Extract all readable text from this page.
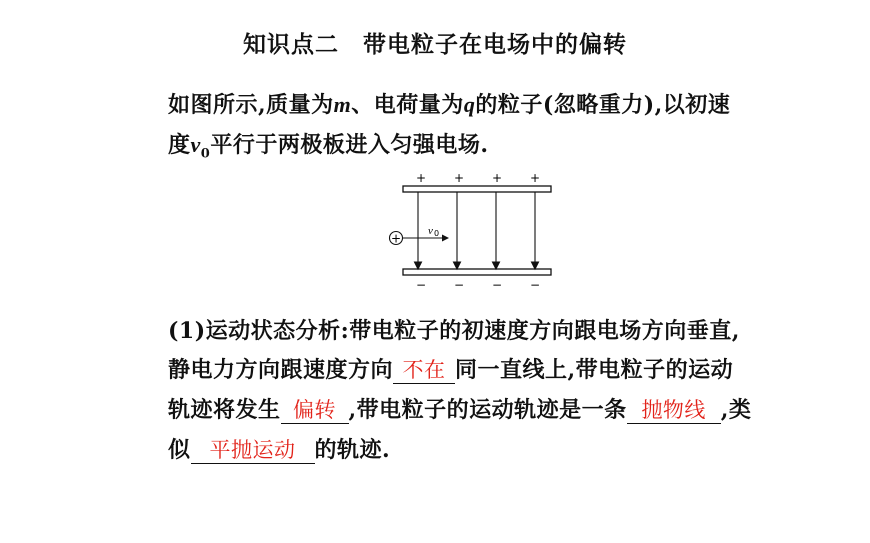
知识点二 带电粒子在电场中的偏转
如图所示,质量为m、电荷量为q的粒子(忽略重力),以初速
度$v_0$平行于两极板进入匀强电场.
+ + + +
− − − −
+
v 0
(1)运动状态分析:带电粒子的初速度方向跟电场方向垂直,
静电力方向跟速度方向 不在 同一直线上,带电粒子的运动
轨迹将发生 偏转 ,带电粒子的运动轨迹是一条 抛物线 ,类
似 平抛运动 的轨迹.
